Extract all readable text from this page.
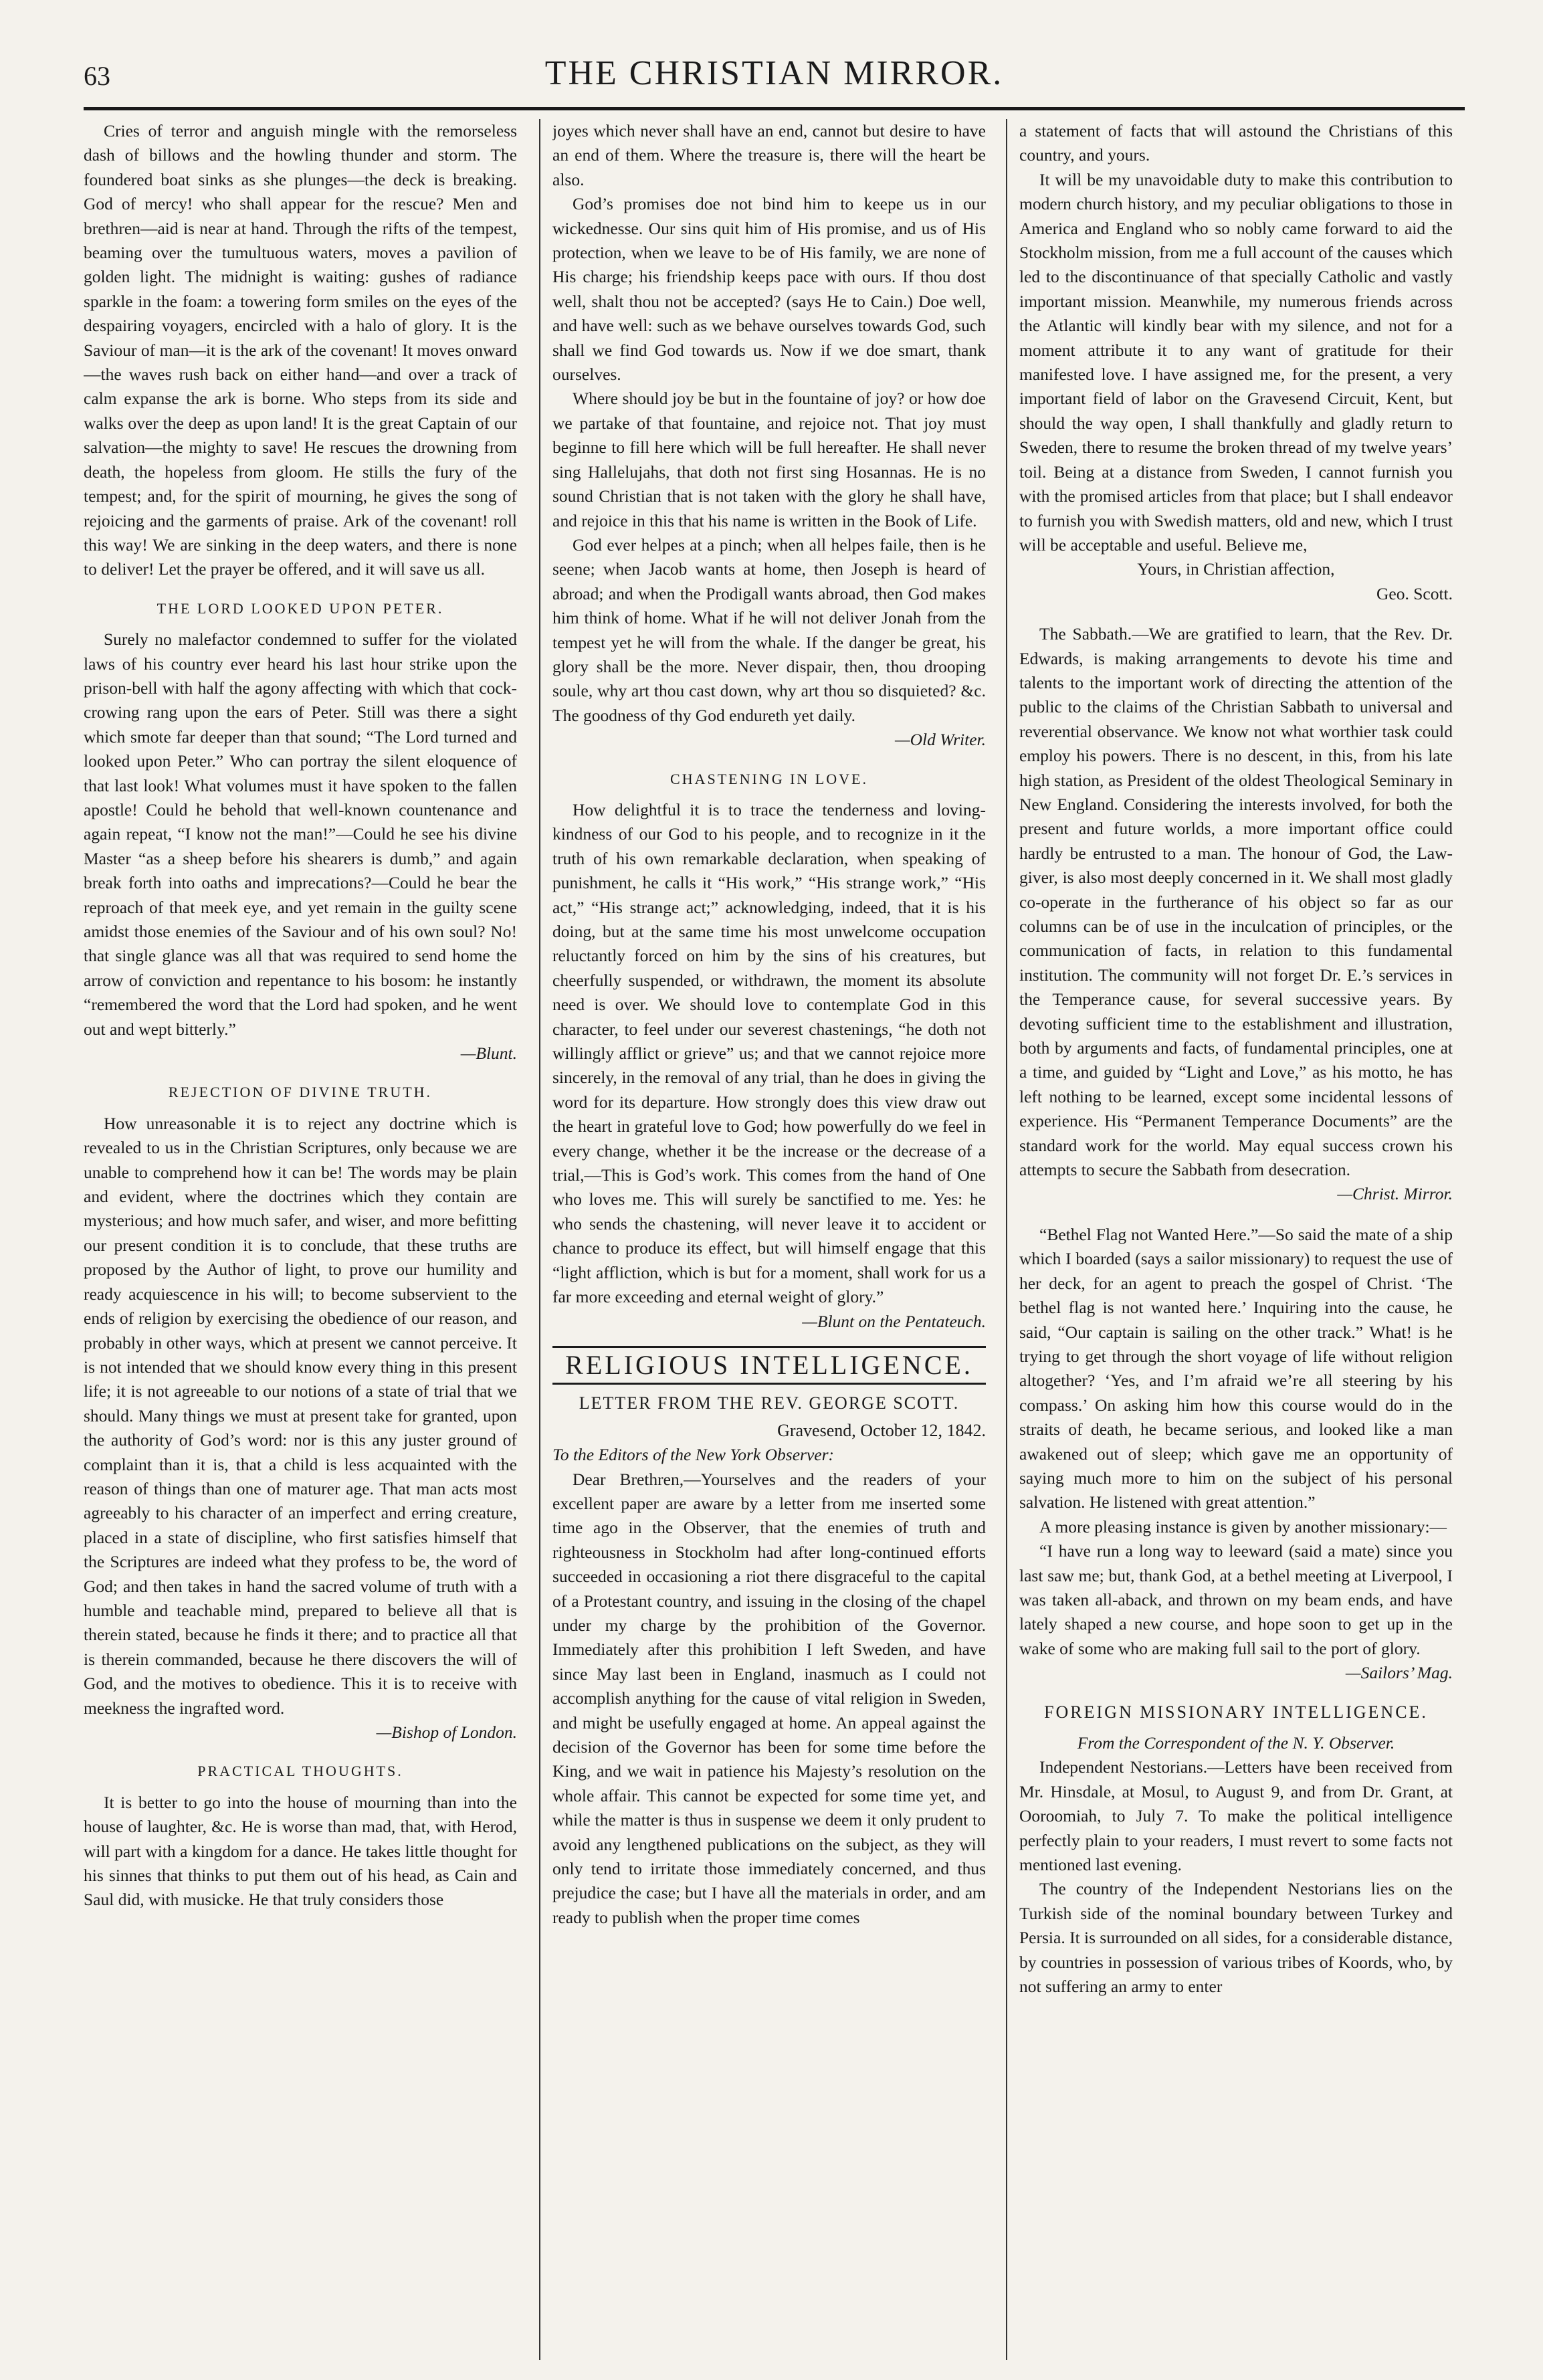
63	THE CHRISTIAN MIRROR.

Cries of terror and anguish mingle with the remorseless dash of billows and the howling thunder and storm. The foundered boat sinks as she plunges—the deck is breaking. God of mercy! who shall appear for the rescue? Men and brethren—aid is near at hand. Through the rifts of the tempest, beaming over the tumultuous waters, moves a pavilion of golden light. The midnight is waiting: gushes of radiance sparkle in the foam: a towering form smiles on the eyes of the despairing voyagers, encircled with a halo of glory. It is the Saviour of man—it is the ark of the covenant! It moves onward—the waves rush back on either hand—and over a track of calm expanse the ark is borne. Who steps from its side and walks over the deep as upon land! It is the great Captain of our salvation—the mighty to save! He rescues the drowning from death, the hopeless from gloom. He stills the fury of the tempest; and, for the spirit of mourning, he gives the song of rejoicing and the garments of praise. Ark of the covenant! roll this way! We are sinking in the deep waters, and there is none to deliver! Let the prayer be offered, and it will save us all.

THE LORD LOOKED UPON PETER.

Surely no malefactor condemned to suffer for the violated laws of his country ever heard his last hour strike upon the prison-bell with half the agony affecting with which that cock-crowing rang upon the ears of Peter. Still was there a sight which smote far deeper than that sound; “The Lord turned and looked upon Peter.” Who can portray the silent eloquence of that last look! What volumes must it have spoken to the fallen apostle! Could he behold that well-known countenance and again repeat, “I know not the man!”—Could he see his divine Master “as a sheep before his shearers is dumb,” and again break forth into oaths and imprecations?—Could he bear the reproach of that meek eye, and yet remain in the guilty scene amidst those enemies of the Saviour and of his own soul? No! that single glance was all that was required to send home the arrow of conviction and repentance to his bosom: he instantly “remembered the word that the Lord had spoken, and he went out and wept bitterly.”

—Blunt.

REJECTION OF DIVINE TRUTH.

How unreasonable it is to reject any doctrine which is revealed to us in the Christian Scriptures, only because we are unable to comprehend how it can be! The words may be plain and evident, where the doctrines which they contain are mysterious; and how much safer, and wiser, and more befitting our present condition it is to conclude, that these truths are proposed by the Author of light, to prove our humility and ready acquiescence in his will; to become subservient to the ends of religion by exercising the obedience of our reason, and probably in other ways, which at present we cannot perceive. It is not intended that we should know every thing in this present life; it is not agreeable to our notions of a state of trial that we should. Many things we must at present take for granted, upon the authority of God’s word: nor is this any juster ground of complaint than it is, that a child is less acquainted with the reason of things than one of maturer age. That man acts most agreeably to his character of an imperfect and erring creature, placed in a state of discipline, who first satisfies himself that the Scriptures are indeed what they profess to be, the word of God; and then takes in hand the sacred volume of truth with a humble and teachable mind, prepared to believe all that is therein stated, because he finds it there; and to practice all that is therein commanded, because he there discovers the will of God, and the motives to obedience. This it is to receive with meekness the ingrafted word.

—Bishop of London.

PRACTICAL THOUGHTS.

It is better to go into the house of mourning than into the house of laughter, &c. He is worse than mad, that, with Herod, will part with a kingdom for a dance. He takes little thought for his sinnes that thinks to put them out of his head, as Cain and Saul did, with musicke. He that truly considers those

joyes which never shall have an end, cannot but desire to have an end of them. Where the treasure is, there will the heart be also.

God’s promises doe not bind him to keepe us in our wickednesse. Our sins quit him of His promise, and us of His protection, when we leave to be of His family, we are none of His charge; his friendship keeps pace with ours. If thou dost well, shalt thou not be accepted? (says He to Cain.) Doe well, and have well: such as we behave ourselves towards God, such shall we find God towards us. Now if we doe smart, thank ourselves.

Where should joy be but in the fountaine of joy? or how doe we partake of that fountaine, and rejoice not. That joy must beginne to fill here which will be full hereafter. He shall never sing Hallelujahs, that doth not first sing Hosannas. He is no sound Christian that is not taken with the glory he shall have, and rejoice in this that his name is written in the Book of Life.

God ever helpes at a pinch; when all helpes faile, then is he seene; when Jacob wants at home, then Joseph is heard of abroad; and when the Prodigall wants abroad, then God makes him think of home. What if he will not deliver Jonah from the tempest yet he will from the whale. If the danger be great, his glory shall be the more. Never dispair, then, thou drooping soule, why art thou cast down, why art thou so disquieted? &c. The goodness of thy God endureth yet daily.

—Old Writer.

CHASTENING IN LOVE.

How delightful it is to trace the tenderness and loving-kindness of our God to his people, and to recognize in it the truth of his own remarkable declaration, when speaking of punishment, he calls it “His work,” “His strange work,” “His act,” “His strange act;” acknowledging, indeed, that it is his doing, but at the same time his most unwelcome occupation reluctantly forced on him by the sins of his creatures, but cheerfully suspended, or withdrawn, the moment its absolute need is over. We should love to contemplate God in this character, to feel under our severest chastenings, “he doth not willingly afflict or grieve” us; and that we cannot rejoice more sincerely, in the removal of any trial, than he does in giving the word for its departure. How strongly does this view draw out the heart in grateful love to God; how powerfully do we feel in every change, whether it be the increase or the decrease of a trial,—This is God’s work. This comes from the hand of One who loves me. This will surely be sanctified to me. Yes: he who sends the chastening, will never leave it to accident or chance to produce its effect, but will himself engage that this “light affliction, which is but for a moment, shall work for us a far more exceeding and eternal weight of glory.”

—Blunt on the Pentateuch.

RELIGIOUS INTELLIGENCE.
LETTER FROM THE REV. GEORGE SCOTT.
Gravesend, October 12, 1842.

To the Editors of the New York Observer:

Dear Brethren,—Yourselves and the readers of your excellent paper are aware by a letter from me inserted some time ago in the Observer, that the enemies of truth and righteousness in Stockholm had after long-continued efforts succeeded in occasioning a riot there disgraceful to the capital of a Protestant country, and issuing in the closing of the chapel under my charge by the prohibition of the Governor. Immediately after this prohibition I left Sweden, and have since May last been in England, inasmuch as I could not accomplish anything for the cause of vital religion in Sweden, and might be usefully engaged at home. An appeal against the decision of the Governor has been for some time before the King, and we wait in patience his Majesty’s resolution on the whole affair. This cannot be expected for some time yet, and while the matter is thus in suspense we deem it only prudent to avoid any lengthened publications on the subject, as they will only tend to irritate those immediately concerned, and thus prejudice the case; but I have all the materials in order, and am ready to publish when the proper time comes

a statement of facts that will astound the Christians of this country, and yours.

It will be my unavoidable duty to make this contribution to modern church history, and my peculiar obligations to those in America and England who so nobly came forward to aid the Stockholm mission, from me a full account of the causes which led to the discontinuance of that specially Catholic and vastly important mission. Meanwhile, my numerous friends across the Atlantic will kindly bear with my silence, and not for a moment attribute it to any want of gratitude for their manifested love. I have assigned me, for the present, a very important field of labor on the Gravesend Circuit, Kent, but should the way open, I shall thankfully and gladly return to Sweden, there to resume the broken thread of my twelve years’ toil. Being at a distance from Sweden, I cannot furnish you with the promised articles from that place; but I shall endeavor to furnish you with Swedish matters, old and new, which I trust will be acceptable and useful. Believe me,

Yours, in Christian affection,

Geo. Scott.

The Sabbath.—We are gratified to learn, that the Rev. Dr. Edwards, is making arrangements to devote his time and talents to the important work of directing the attention of the public to the claims of the Christian Sabbath to universal and reverential observance. We know not what worthier task could employ his powers. There is no descent, in this, from his late high station, as President of the oldest Theological Seminary in New England. Considering the interests involved, for both the present and future worlds, a more important office could hardly be entrusted to a man. The honour of God, the Law-giver, is also most deeply concerned in it. We shall most gladly co-operate in the furtherance of his object so far as our columns can be of use in the inculcation of principles, or the communication of facts, in relation to this fundamental institution. The community will not forget Dr. E.’s services in the Temperance cause, for several successive years. By devoting sufficient time to the establishment and illustration, both by arguments and facts, of fundamental principles, one at a time, and guided by “Light and Love,” as his motto, he has left nothing to be learned, except some incidental lessons of experience. His “Permanent Temperance Documents” are the standard work for the world. May equal success crown his attempts to secure the Sabbath from desecration.

—Christ. Mirror.

“Bethel Flag not Wanted Here.”—So said the mate of a ship which I boarded (says a sailor missionary) to request the use of her deck, for an agent to preach the gospel of Christ. ‘The bethel flag is not wanted here.’ Inquiring into the cause, he said, “Our captain is sailing on the other track.” What! is he trying to get through the short voyage of life without religion altogether? ‘Yes, and I’m afraid we’re all steering by his compass.’ On asking him how this course would do in the straits of death, he became serious, and looked like a man awakened out of sleep; which gave me an opportunity of saying much more to him on the subject of his personal salvation. He listened with great attention.”

A more pleasing instance is given by another missionary:—

“I have run a long way to leeward (said a mate) since you last saw me; but, thank God, at a bethel meeting at Liverpool, I was taken all-aback, and thrown on my beam ends, and have lately shaped a new course, and hope soon to get up in the wake of some who are making full sail to the port of glory.

—Sailors’ Mag.

FOREIGN MISSIONARY INTELLIGENCE.

From the Correspondent of the N. Y. Observer.

Independent Nestorians.—Letters have been received from Mr. Hinsdale, at Mosul, to August 9, and from Dr. Grant, at Ooroomiah, to July 7. To make the political intelligence perfectly plain to your readers, I must revert to some facts not mentioned last evening.

The country of the Independent Nestorians lies on the Turkish side of the nominal boundary between Turkey and Persia. It is surrounded on all sides, for a considerable distance, by countries in possession of various tribes of Koords, who, by not suffering an army to enter
